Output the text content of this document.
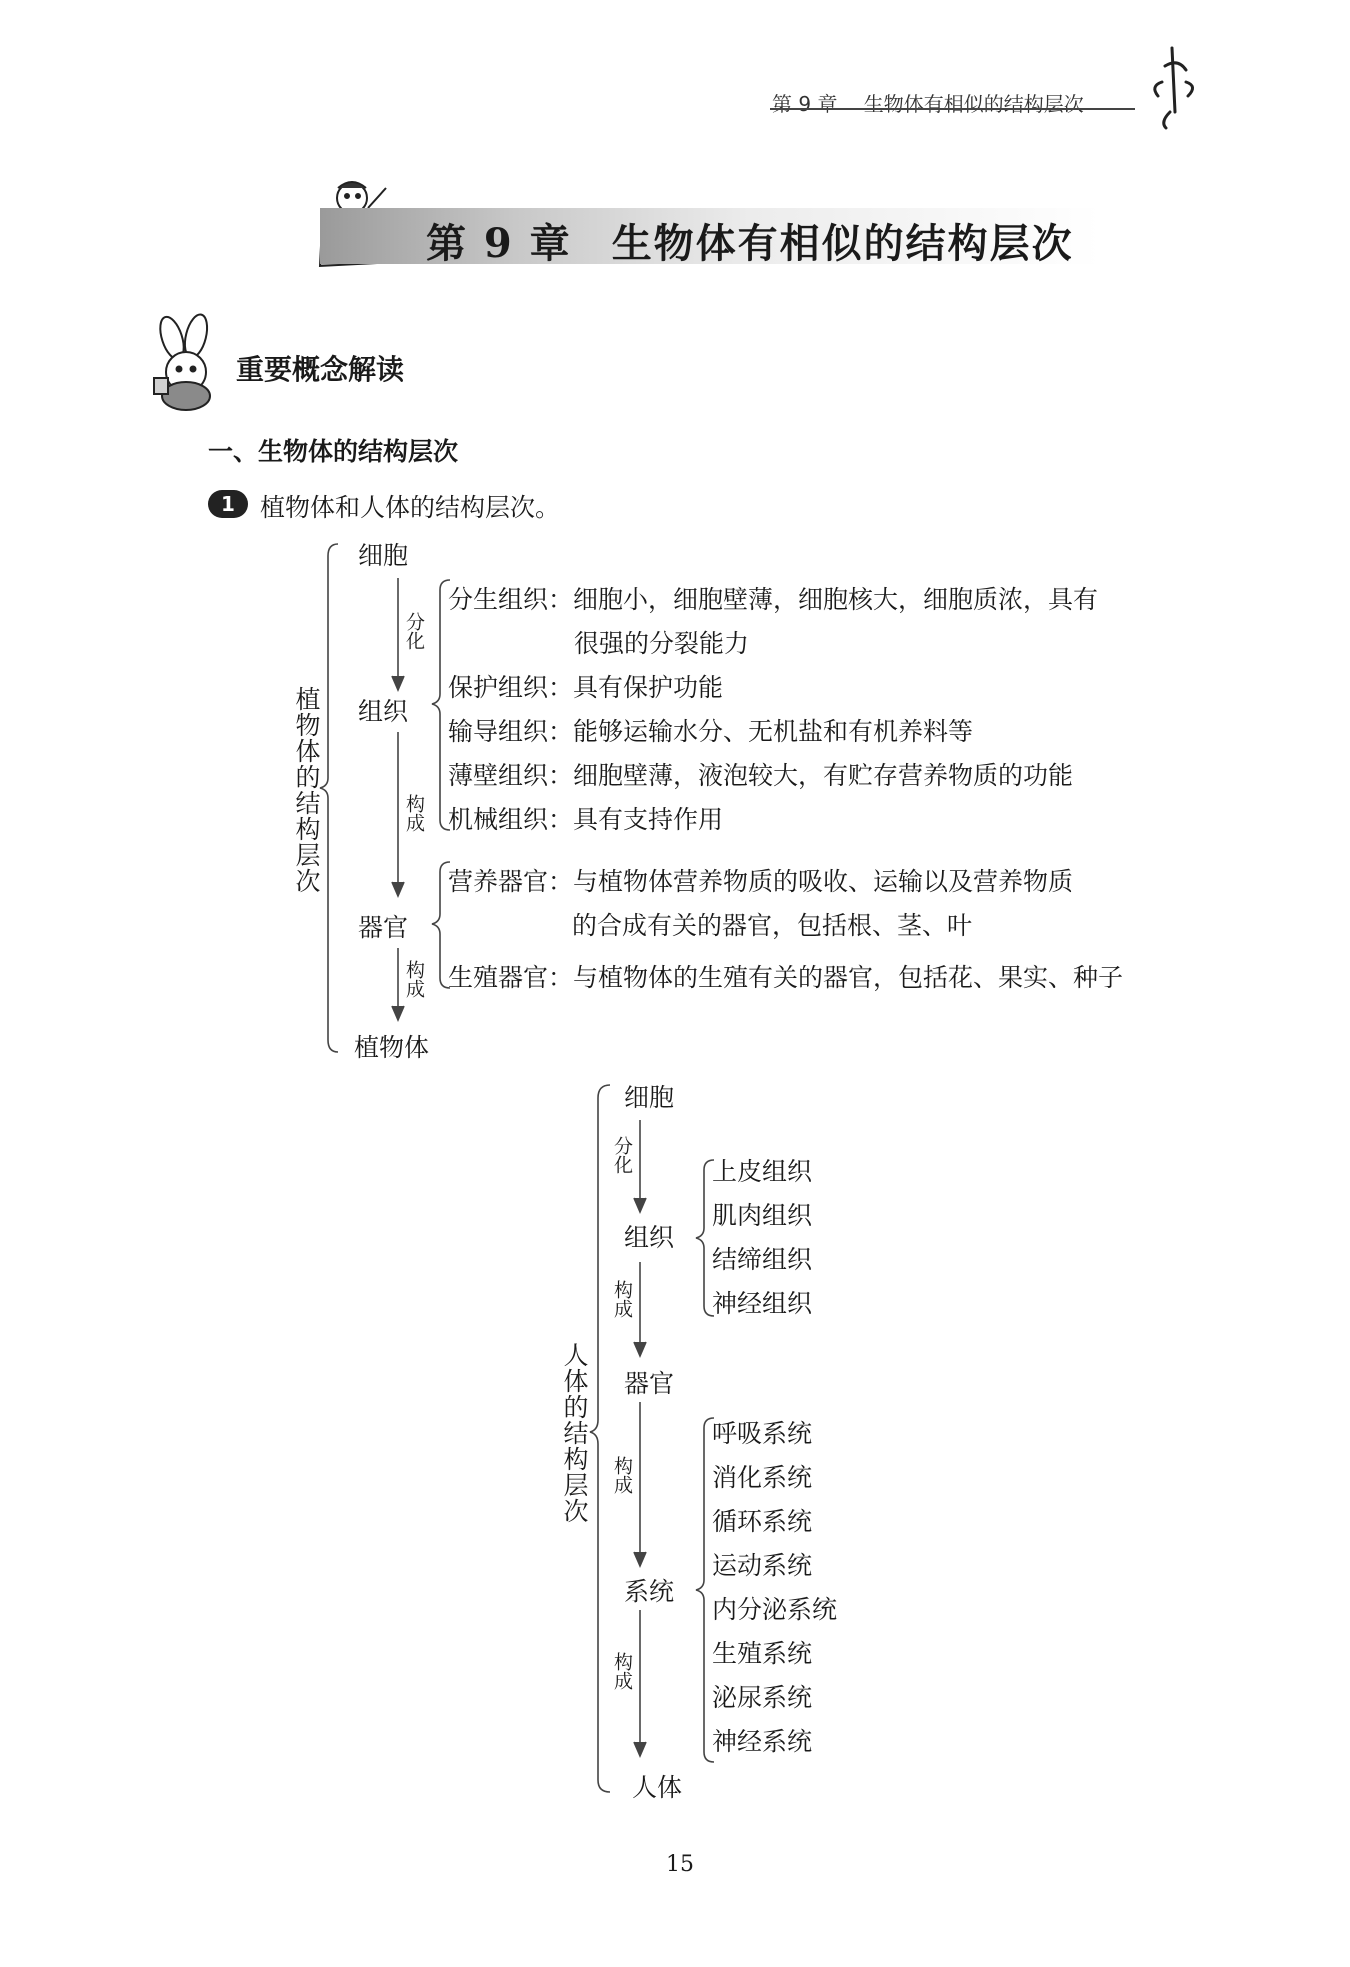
第 9 章　 生物体有相似的结构层次
第 9 章 生物体有相似的结构层次
重要概念解读
一、生物体的结构层次
1	植物体和人体的结构层次。
植物体的结构层次
细胞
组织
器官
植物体
分化
构成
构成
分生组织：细胞小，细胞壁薄，细胞核大，细胞质浓，具有
很强的分裂能力
保护组织：具有保护功能
输导组织：能够运输水分、无机盐和有机养料等
薄壁组织：细胞壁薄，液泡较大，有贮存营养物质的功能
机械组织：具有支持作用
营养器官：与植物体营养物质的吸收、运输以及营养物质
的合成有关的器官，包括根、茎、叶
生殖器官：与植物体的生殖有关的器官，包括花、果实、种子
人体的结构层次
细胞
组织
器官
系统
人体
分化
构成
构成
构成
上皮组织
肌肉组织
结缔组织
神经组织
呼吸系统
消化系统
循环系统
运动系统
内分泌系统
生殖系统
泌尿系统
神经系统
15
